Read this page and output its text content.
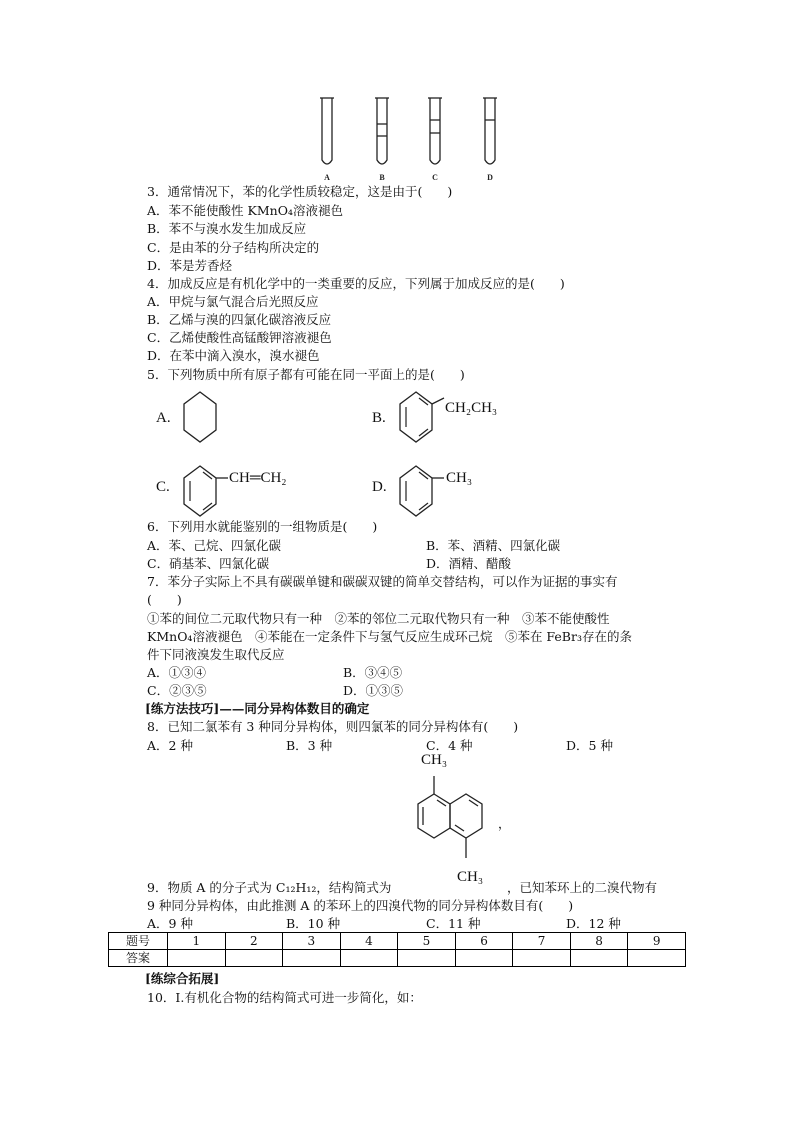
A	B	C	D
3．通常情况下，苯的化学性质较稳定，这是由于(　　)
A．苯不能使酸性 KMnO₄溶液褪色
B．苯不与溴水发生加成反应
C．是由苯的分子结构所决定的
D．苯是芳香烃
4．加成反应是有机化学中的一类重要的反应，下列属于加成反应的是(　　)
A．甲烷与氯气混合后光照反应
B．乙烯与溴的四氯化碳溶液反应
C．乙烯使酸性高锰酸钾溶液褪色
D．在苯中滴入溴水，溴水褪色
5．下列物质中所有原子都有可能在同一平面上的是(　　)
A.	B.
CH₂CH₃
C.
CH═CH₂
D.
CH₃
6．下列用水就能鉴别的一组物质是(　　)
A．苯、己烷、四氯化碳	B．苯、酒精、四氯化碳
C．硝基苯、四氯化碳	D．酒精、醋酸
7．苯分子实际上不具有碳碳单键和碳碳双键的简单交替结构，可以作为证据的事实有
(　　)
①苯的间位二元取代物只有一种　②苯的邻位二元取代物只有一种　③苯不能使酸性
KMnO₄溶液褪色　④苯能在一定条件下与氢气反应生成环己烷　⑤苯在 FeBr₃存在的条
件下同液溴发生取代反应
A．①③④	B．③④⑤
C．②③⑤	D．①③⑤
[练方法技巧]——同分异构体数目的确定
8．已知二氯苯有 3 种同分异构体，则四氯苯的同分异构体有(　　)
A．2 种	B．3 种	C．4 种	D．5 种
CH₃
，
CH₃
9．物质 A 的分子式为 C₁₂H₁₂，结构简式为	，已知苯环上的二溴代物有
9 种同分异构体，由此推测 A 的苯环上的四溴代物的同分异构体数目有(　　)
A．9 种	B．10 种	C．11 种	D．12 种
题号	1	2	3	4	5	6	7	8	9
答案									
[练综合拓展]
10．Ⅰ.有机化合物的结构简式可进一步简化，如：
